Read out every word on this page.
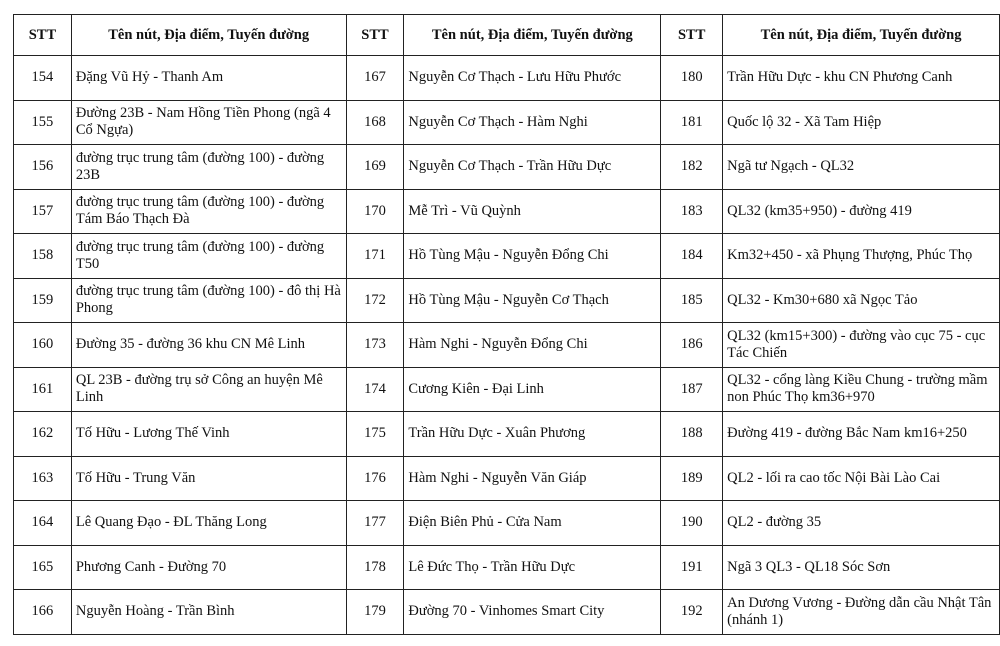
STT	Tên nút, Địa điểm, Tuyến đường	STT	Tên nút, Địa điểm, Tuyến đường	STT	Tên nút, Địa điểm, Tuyến đường
154	Đặng Vũ Hỷ - Thanh Am	167	Nguyễn Cơ Thạch - Lưu Hữu Phước	180	Trần Hữu Dực - khu CN Phương Canh
155	Đường 23B - Nam Hồng Tiền Phong (ngã 4 Cổ Ngựa)	168	Nguyễn Cơ Thạch - Hàm Nghi	181	Quốc lộ 32 - Xã Tam Hiệp
156	đường trục trung tâm (đường 100) - đường 23B	169	Nguyễn Cơ Thạch - Trần Hữu Dực	182	Ngã tư Ngạch - QL32
157	đường trục trung tâm (đường 100) - đường Tám Báo Thạch Đà	170	Mễ Trì - Vũ Quỳnh	183	QL32 (km35+950) - đường 419
158	đường trục trung tâm (đường 100) - đường T50	171	Hồ Tùng Mậu - Nguyễn Đổng Chi	184	Km32+450 - xã Phụng Thượng, Phúc Thọ
159	đường trục trung tâm (đường 100) - đô thị Hà Phong	172	Hồ Tùng Mậu - Nguyễn Cơ Thạch	185	QL32 - Km30+680 xã Ngọc Tảo
160	Đường 35 - đường 36 khu CN Mê Linh	173	Hàm Nghi - Nguyễn Đổng Chi	186	QL32 (km15+300) - đường vào cục 75 - cục Tác Chiến
161	QL 23B - đường trụ sở Công an huyện Mê Linh	174	Cương Kiên - Đại Linh	187	QL32 - cổng làng Kiều Chung - trường mầm non Phúc Thọ km36+970
162	Tố Hữu - Lương Thế Vinh	175	Trần Hữu Dực - Xuân Phương	188	Đường 419 - đường Bắc Nam km16+250
163	Tố Hữu - Trung Văn	176	Hàm Nghi - Nguyễn Văn Giáp	189	QL2 - lối ra cao tốc Nội Bài Lào Cai
164	Lê Quang Đạo - ĐL Thăng Long	177	Điện Biên Phủ - Cửa Nam	190	QL2 - đường 35
165	Phương Canh - Đường 70	178	Lê Đức Thọ - Trần Hữu Dực	191	Ngã 3 QL3 - QL18 Sóc Sơn
166	Nguyễn Hoàng - Trần Bình	179	Đường 70 - Vinhomes Smart City	192	An Dương Vương - Đường dẫn cầu Nhật Tân (nhánh 1)
